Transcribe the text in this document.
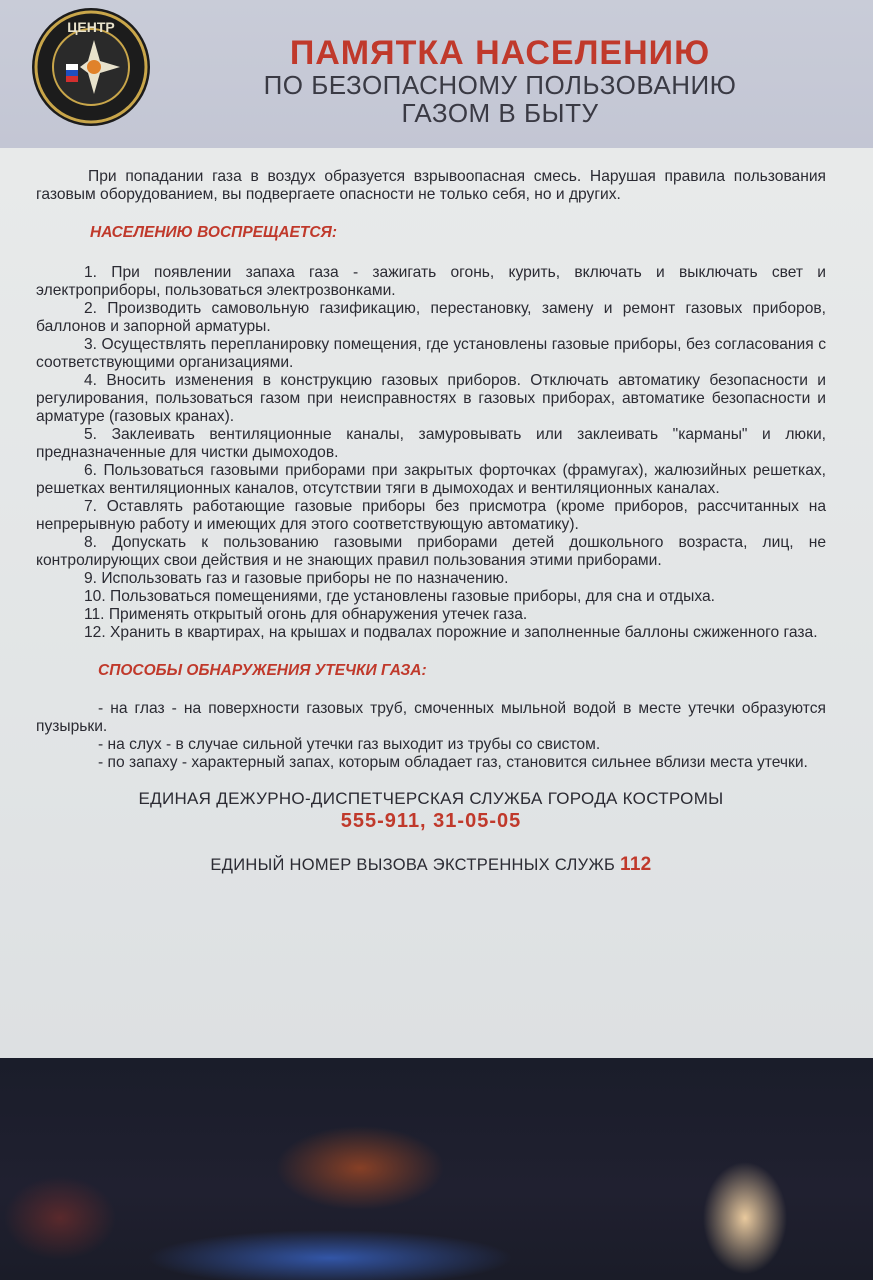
ЦЕНТР
ПАМЯТКА НАСЕЛЕНИЮ
ПО БЕЗОПАСНОМУ ПОЛЬЗОВАНИЮ
ГАЗОМ В БЫТУ

При попадании газа в воздух образуется взрывоопасная смесь. Нарушая правила пользования газовым оборудованием, вы подвергаете опасности не только себя, но и других.

НАСЕЛЕНИЮ ВОСПРЕЩАЕТСЯ:
1. При появлении запаха газа - зажигать огонь, курить, включать и выключать свет и электроприборы, пользоваться электрозвонками.
2. Производить самовольную газификацию, перестановку, замену и ремонт газовых приборов, баллонов и запорной арматуры.
3. Осуществлять перепланировку помещения, где установлены газовые приборы, без согласования с соответствующими организациями.
4. Вносить изменения в конструкцию газовых приборов. Отключать автоматику безопасности и регулирования, пользоваться газом при неисправностях в газовых приборах, автоматике безопасности и арматуре (газовых кранах).
5. Заклеивать вентиляционные каналы, замуровывать или заклеивать "карманы" и люки, предназначенные для чистки дымоходов.
6. Пользоваться газовыми приборами при закрытых форточках (фрамугах), жалюзийных решетках, решетках вентиляционных каналов, отсутствии тяги в дымоходах и вентиляционных каналах.
7. Оставлять работающие газовые приборы без присмотра (кроме приборов, рассчитанных на непрерывную работу и имеющих для этого соответствующую автоматику).
8. Допускать к пользованию газовыми приборами детей дошкольного возраста, лиц, не контролирующих свои действия и не знающих правил пользования этими приборами.
9. Использовать газ и газовые приборы не по назначению.
10. Пользоваться помещениями, где установлены газовые приборы, для сна и отдыха.
11. Применять открытый огонь для обнаружения утечек газа.
12. Хранить в квартирах, на крышах и подвалах порожние и заполненные баллоны сжиженного газа.
СПОСОБЫ ОБНАРУЖЕНИЯ УТЕЧКИ ГАЗА:

- на глаз - на поверхности газовых труб, смоченных мыльной водой в месте утечки образуются пузырьки.

- на слух - в случае сильной утечки газ выходит из трубы со свистом.

- по запаху - характерный запах, которым обладает газ, становится сильнее вблизи места утечки.

ЕДИНАЯ ДЕЖУРНО-ДИСПЕТЧЕРСКАЯ СЛУЖБА ГОРОДА КОСТРОМЫ
555-911, 31-05-05
ЕДИНЫЙ НОМЕР ВЫЗОВА ЭКСТРЕННЫХ СЛУЖБ 112
